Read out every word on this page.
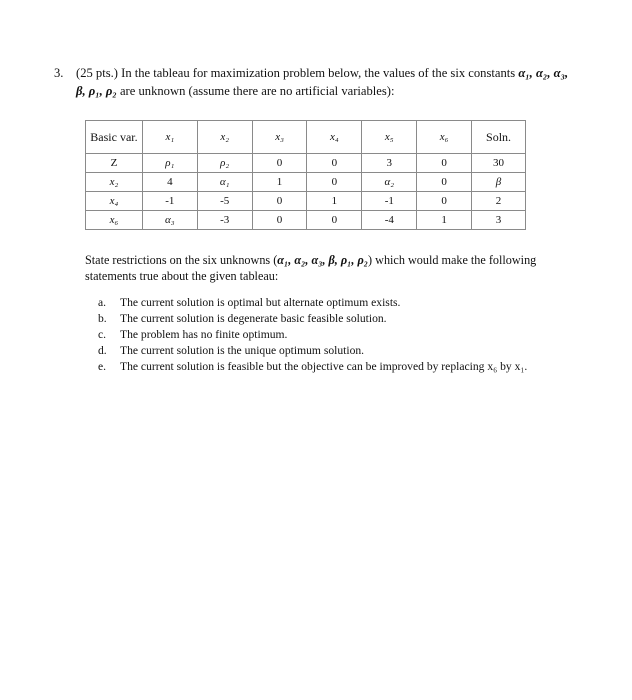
3. (25 pts.) In the tableau for maximization problem below, the values of the six constants α₁, α₂, α₃,
β, ρ₁, ρ₂ are unknown (assume there are no artificial variables):
Basic var.	x₁	x₂	x₃	x₄	x₅	x₆	Soln.
Z	ρ₁	ρ₂	0	0	3	0	30
x₂	4	α₁	1	0	α₂	0	β
x₄	-1	-5	0	1	-1	0	2
x₆	α₃	-3	0	0	-4	1	3
State restrictions on the six unknowns (α₁, α₂, α₃, β, ρ₁, ρ₂) which would make the following statements true about the given tableau:
a.	The current solution is optimal but alternate optimum exists.
b.	The current solution is degenerate basic feasible solution.
c.	The problem has no finite optimum.
d.	The current solution is the unique optimum solution.
e.	The current solution is feasible but the objective can be improved by replacing x₆ by x₁.
